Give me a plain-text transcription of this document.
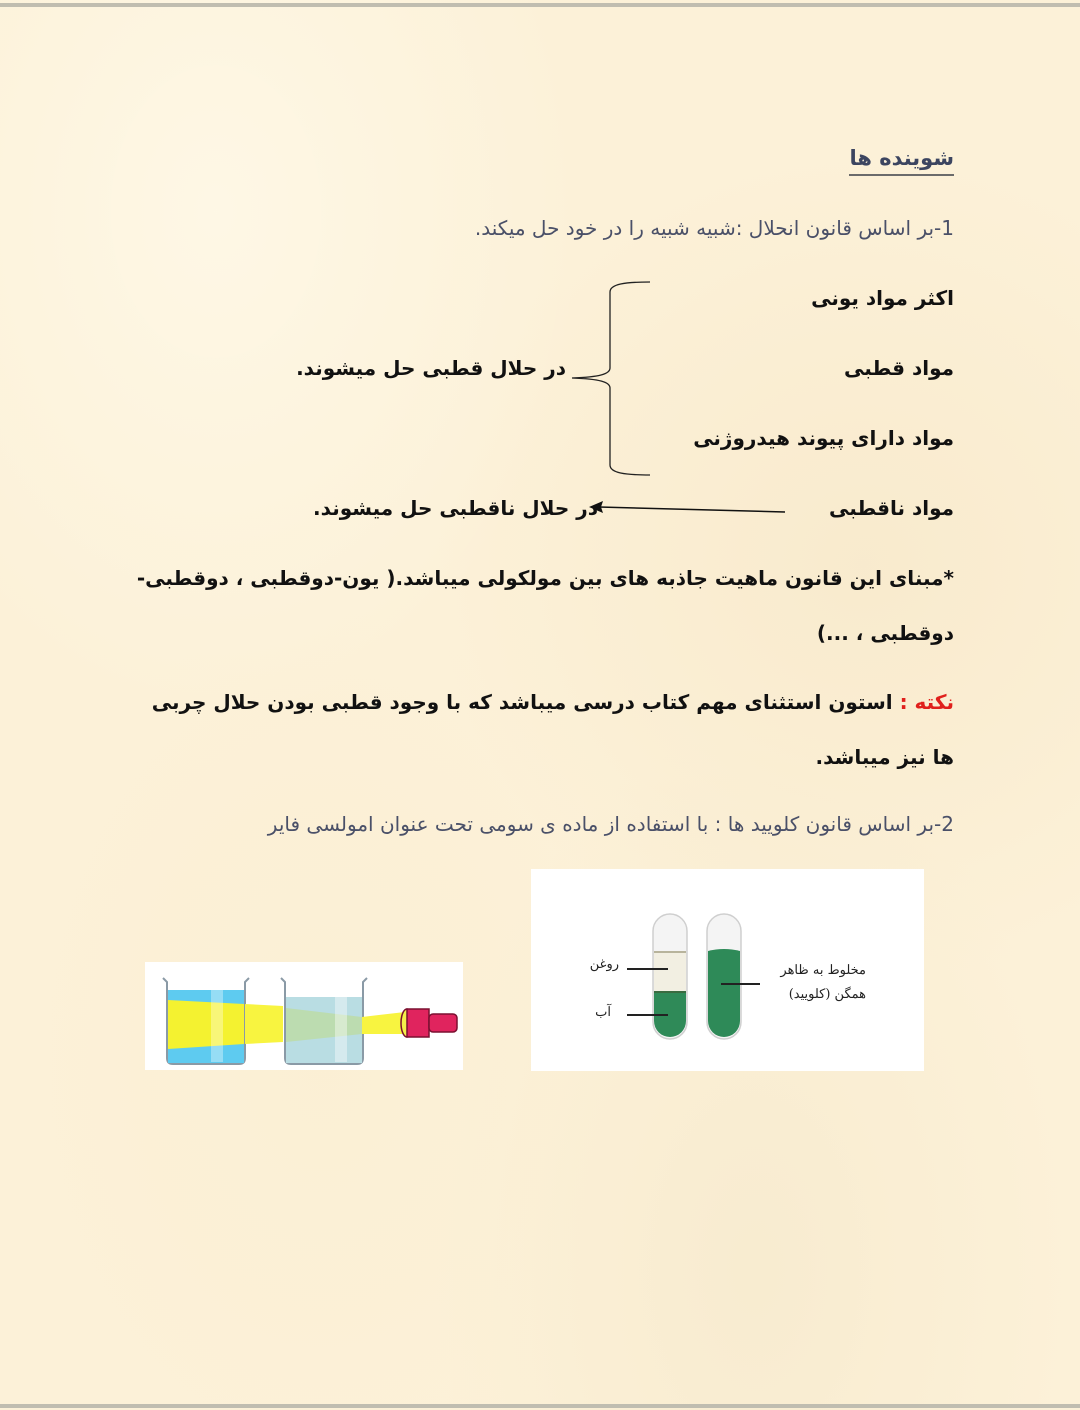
شوینده ها
1-بر اساس قانون انحلال :شبیه شبیه را در خود حل میکند.
اکثر مواد یونی
مواد قطبی
مواد دارای پیوند هیدروژنی
در حلال قطبی حل میشوند.
مواد ناقطبی
در حلال ناقطبی حل میشوند.
*مبنای این قانون ماهیت جاذبه های بین مولکولی میباشد.( یون-دوقطبی ، دوقطبی-دوقطبی ، ...)
نکته : استون استثنای مهم کتاب درسی میباشد که با وجود قطبی بودن حلال چربی ها نیز میباشد.
2-بر اساس قانون کلویید ها : با استفاده از ماده ی سومی تحت عنوان امولسی فایر
روغن
آب
مخلوط به ظاهر
همگن (کلویید)
